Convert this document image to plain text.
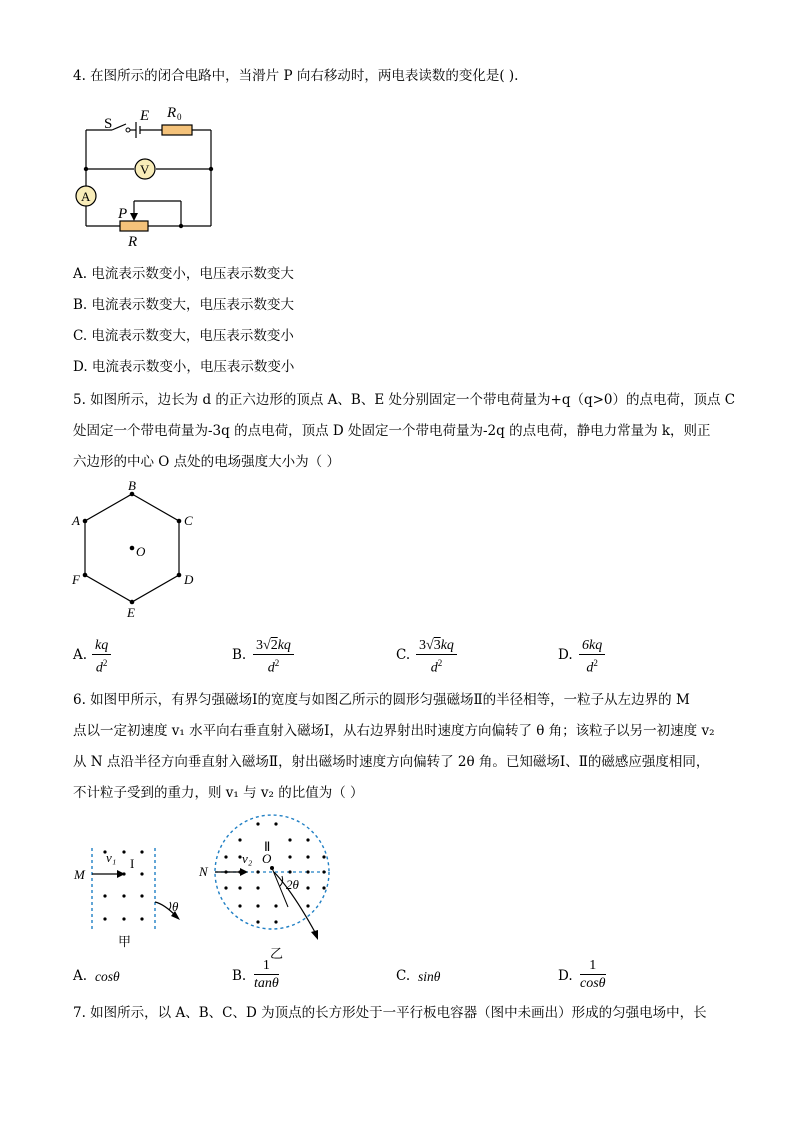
4. 在图所示的闭合电路中，当滑片 P 向右移动时，两电表读数的变化是( ).
S E R 0
V
A
P
R
A. 电流表示数变小，电压表示数变大
B. 电流表示数变大，电压表示数变大
C. 电流表示数变大，电压表示数变小
D. 电流表示数变小，电压表示数变小
5. 如图所示，边长为 d 的正六边形的顶点 A、B、E 处分别固定一个带电荷量为+q（q>0）的点电荷，顶点 C
处固定一个带电荷量为-3q 的点电荷，顶点 D 处固定一个带电荷量为-2q 的点电荷，静电力常量为 k，则正
六边形的中心 O 点处的电场强度大小为（ ）
B
C
D
E
F
A
O
A. $\frac{kq}{d^2}$	B. $\frac{3√2kq}{d^2}$	C. $\frac{3√3kq}{d^2}$	D. $\frac{6kq}{d^2}$
6. 如图甲所示，有界匀强磁场Ⅰ的宽度与如图乙所示的圆形匀强磁场Ⅱ的半径相等，一粒子从左边界的 M
点以一定初速度 v₁ 水平向右垂直射入磁场Ⅰ，从右边界射出时速度方向偏转了 θ 角；该粒子以另一初速度 v₂
从 N 点沿半径方向垂直射入磁场Ⅱ，射出磁场时速度方向偏转了 2θ 角。已知磁场Ⅰ、Ⅱ的磁感应强度相同，
不计粒子受到的重力，则 v₁ 与 v₂ 的比值为（ ）
M
v₁ I
θ
甲
N
v₂ O
Ⅱ
2θ
乙
A. cosθ	B. $\frac{1}{\tan\theta}$	C. sinθ	D. $\frac{1}{\cos\theta}$
7. 如图所示，以 A、B、C、D 为顶点的长方形处于一平行板电容器（图中未画出）形成的匀强电场中，长
